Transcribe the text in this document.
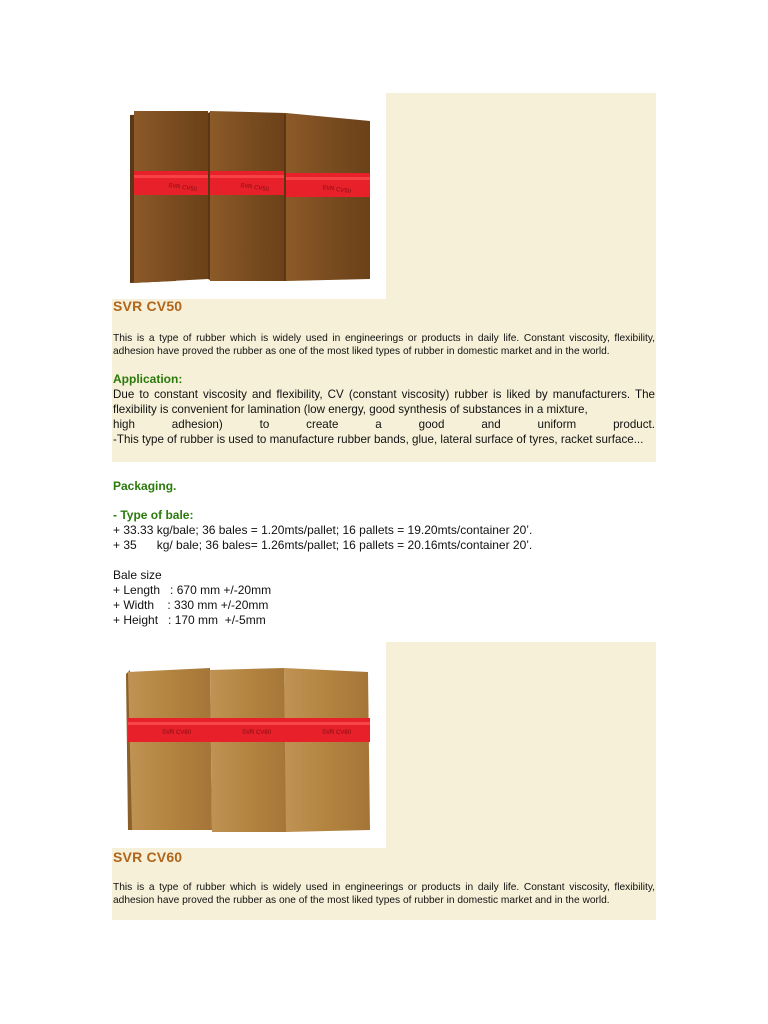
SVR CV50	SVR CV50	SVR CV50
SVR CV50
This is a type of rubber which is widely used in engineerings or products in daily life. Constant viscosity, flexibility, adhesion have proved the rubber as one of the most liked types of rubber in domestic market and in the world.
Application:

Due to constant viscosity and flexibility, CV (constant viscosity) rubber is liked by manufacturers. The flexibility is convenient for lamination (low energy, good synthesis of substances in a mixture,

high adhesion) to create a good and uniform product.

-This type of rubber is used to manufacture rubber bands, glue, lateral surface of tyres, racket surface...

Packaging.
- Type of bale:
+ 33.33 kg/bale; 36 bales = 1.20mts/pallet; 16 pallets = 19.20mts/container 20’.
+ 35      kg/ bale; 36 bales= 1.26mts/pallet; 16 pallets = 20.16mts/container 20’.
Bale size
+ Length   : 670 mm +/-20mm
+ Width    : 330 mm +/-20mm
+ Height   : 170 mm  +/-5mm
SVR CV60	SVR CV60	SVR CV60
SVR CV60
This is a type of rubber which is widely used in engineerings or products in daily life. Constant viscosity, flexibility, adhesion have proved the rubber as one of the most liked types of rubber in domestic market and in the world.
